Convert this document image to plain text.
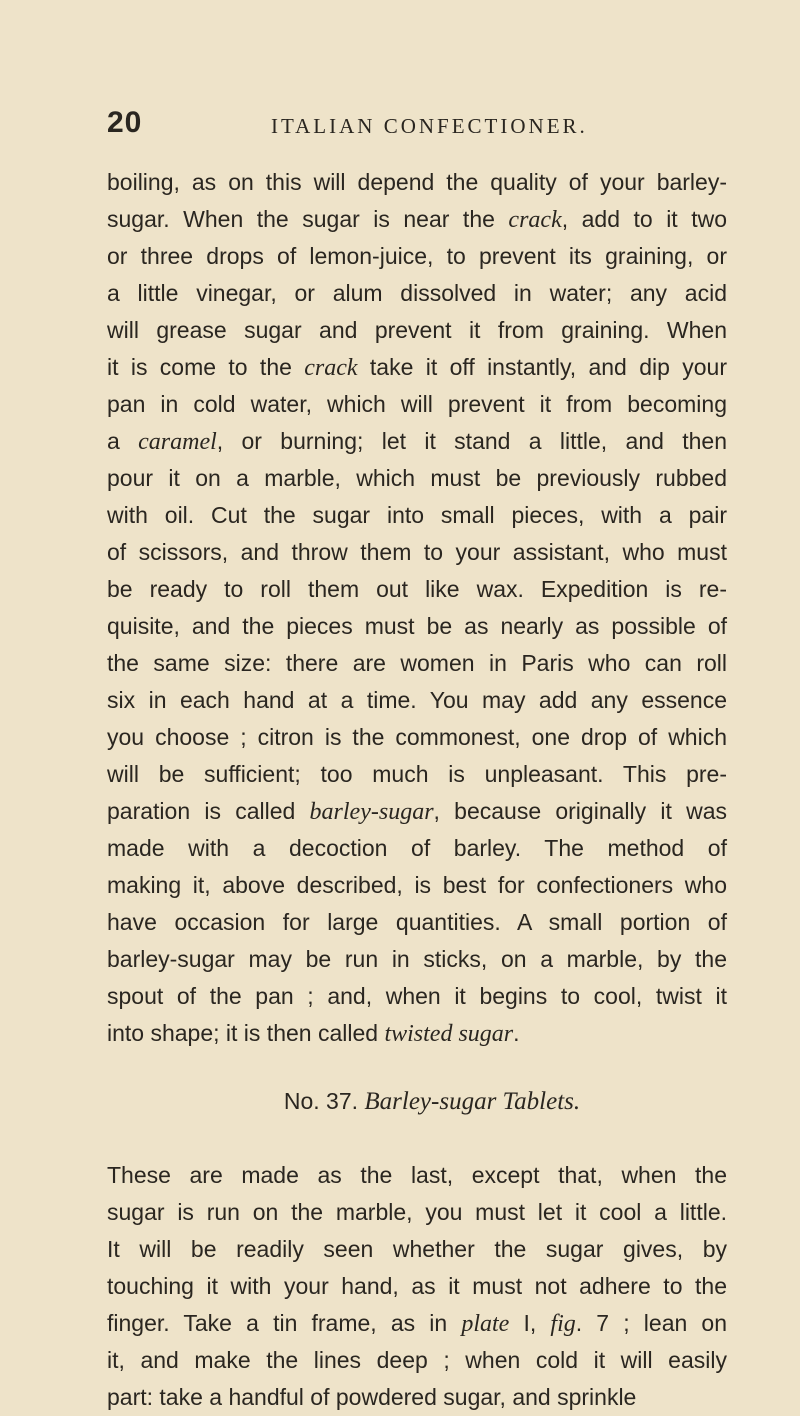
20	ITALIAN CONFECTIONER.
boiling, as on this will depend the quality of your barley-
sugar. When the sugar is near the crack, add to it two
or three drops of lemon-juice, to prevent its graining, or
a little vinegar, or alum dissolved in water; any acid
will grease sugar and prevent it from graining. When
it is come to the crack take it off instantly, and dip your
pan in cold water, which will prevent it from becoming
a caramel, or burning; let it stand a little, and then
pour it on a marble, which must be previously rubbed
with oil. Cut the sugar into small pieces, with a pair
of scissors, and throw them to your assistant, who must
be ready to roll them out like wax. Expedition is re-
quisite, and the pieces must be as nearly as possible of
the same size: there are women in Paris who can roll
six in each hand at a time. You may add any essence
you choose ; citron is the commonest, one drop of which
will be sufficient; too much is unpleasant. This pre-
paration is called barley-sugar, because originally it was
made with a decoction of barley. The method of
making it, above described, is best for confectioners who
have occasion for large quantities. A small portion of
barley-sugar may be run in sticks, on a marble, by the
spout of the pan ; and, when it begins to cool, twist it
into shape; it is then called twisted sugar.
No. 37. Barley-sugar Tablets.
These are made as the last, except that, when the
sugar is run on the marble, you must let it cool a little.
It will be readily seen whether the sugar gives, by
touching it with your hand, as it must not adhere to the
finger. Take a tin frame, as in plate I, fig. 7 ; lean on
it, and make the lines deep ; when cold it will easily
part: take a handful of powdered sugar, and sprinkle
